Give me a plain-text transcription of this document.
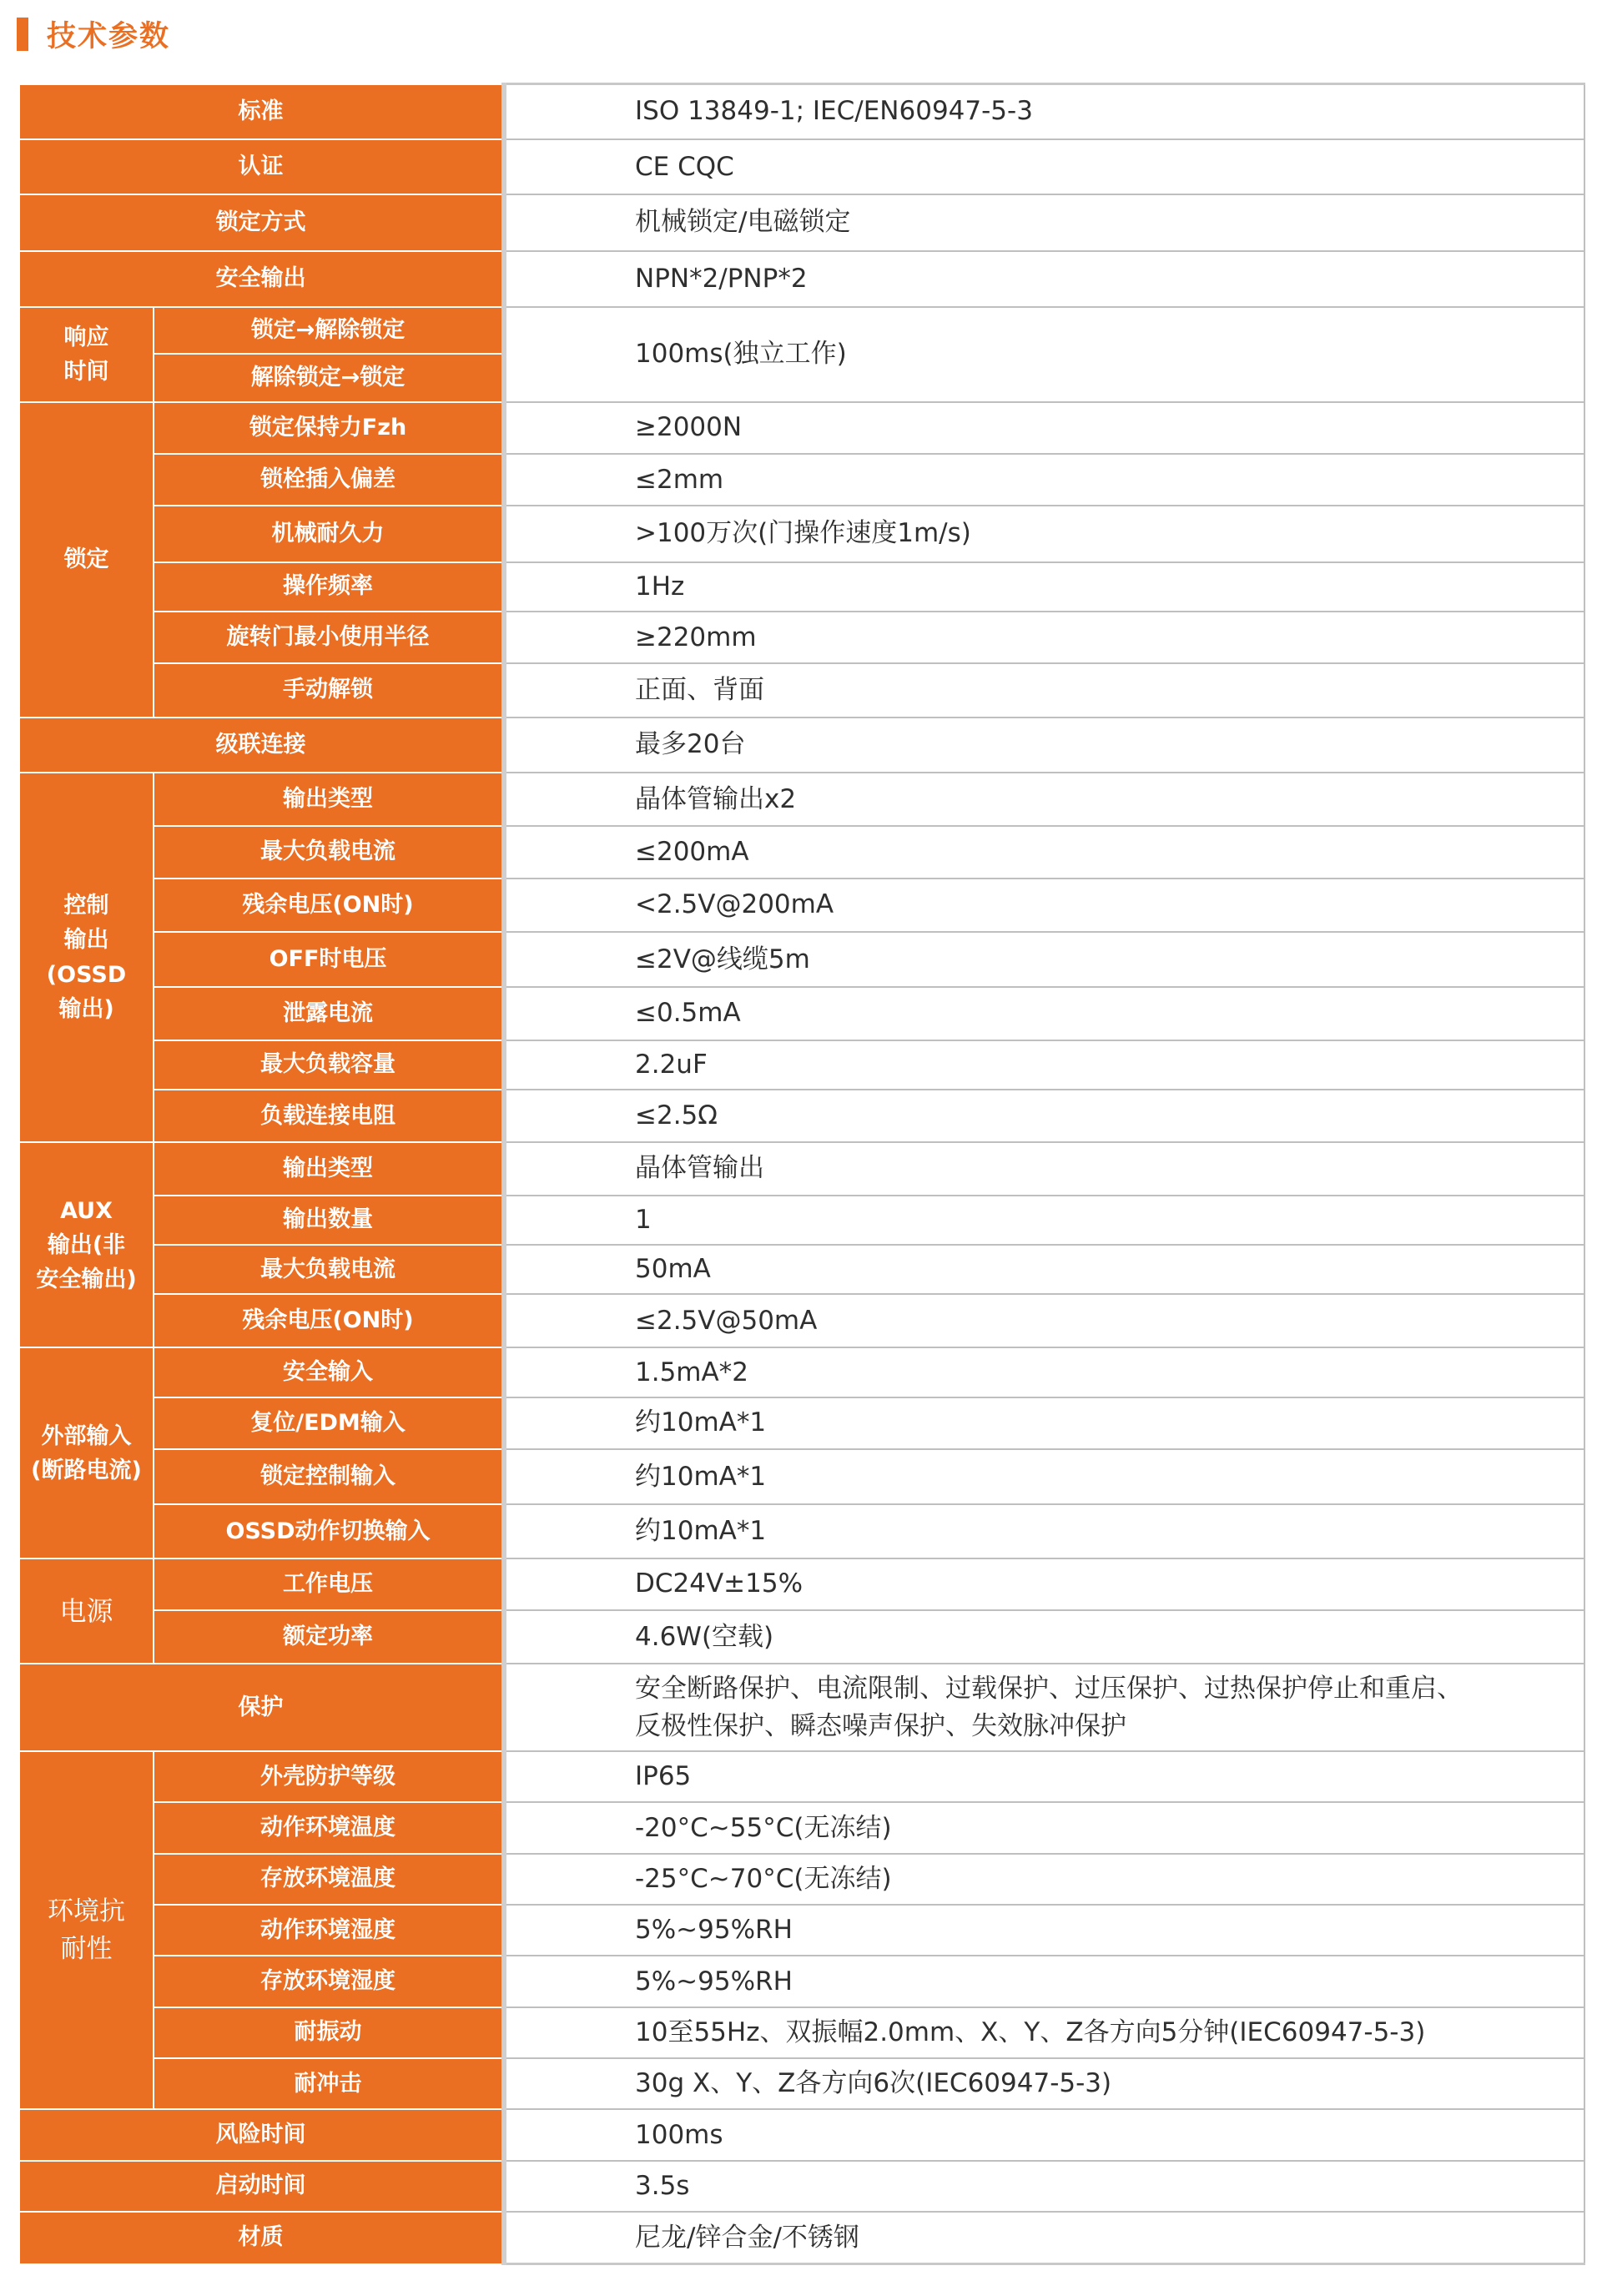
技术参数
标准		ISO 13849-1; IEC/EN60947-5-3
认证		CE CQC
锁定方式		机械锁定/电磁锁定
安全输出		NPN*2/PNP*2

响应
时间	锁定→解除锁定	100ms(独立工作)
	解除锁定→锁定	
锁定	锁定保持力Fzh	≥2000N
	锁栓插入偏差	≤2mm
	机械耐久力	>100万次(门操作速度1m/s)
	操作频率	1Hz
	旋转门最小使用半径	≥220mm
	手动解锁	正面、背面
级联连接		最多20台

控制
输出
(OSSD
输出)	输出类型	晶体管输出x2
	最大负载电流	≤200mA
	残余电压(ON时)	<2.5V@200mA
	OFF时电压	≤2V@线缆5m
	泄露电流	≤0.5mA
	最大负载容量	2.2uF
	负载连接电阻	≤2.5Ω

AUX
输出(非
安全输出)	输出类型	晶体管输出
	输出数量	1
	最大负载电流	50mA
	残余电压(ON时)	≤2.5V@50mA

外部输入
(断路电流)	安全输入	1.5mA*2
	复位/EDM输入	约10mA*1
	锁定控制输入	约10mA*1
	OSSD动作切换输入	约10mA*1
电源	工作电压	DC24V±15%
	额定功率	4.6W(空载)
保护		安全断路保护、电流限制、过载保护、过压保护、过热保护停止和重启、
反极性保护、瞬态噪声保护、失效脉冲保护

环境抗
耐性	外壳防护等级	IP65
	动作环境温度	-20°C~55°C(无冻结)
	存放环境温度	-25°C~70°C(无冻结)
	动作环境湿度	5%~95%RH
	存放环境湿度	5%~95%RH
	耐振动	10至55Hz、双振幅2.0mm、X、Y、Z各方向5分钟(IEC60947-5-3)
	耐冲击	30g X、Y、Z各方向6次(IEC60947-5-3)
风险时间		100ms
启动时间		3.5s
材质		尼龙/锌合金/不锈钢
